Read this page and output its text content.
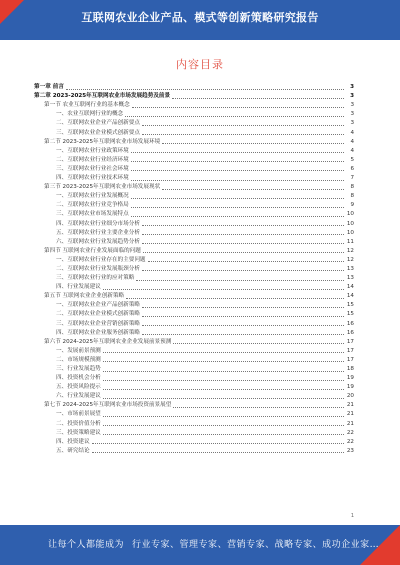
互联网农业企业产品、模式等创新策略研究报告
内容目录
第一章 前言	3
第二章 2023-2025年互联网农业市场发展趋势及前景	3
第一节 农业互联网行业的基本概念	3
一、农业互联网行业的概念	3
二、互联网农业企业产品创新要点	3
三、互联网农业企业模式创新要点	4
第二节 2023-2025年互联网农业市场发展环境	4
一、互联网农业行业政策环境	4
二、互联网农业行业经济环境	5
三、互联网农业行业社会环境	6
四、互联网农业行业技术环境	7
第三节 2023-2025年互联网农业市场发展现状	8
一、互联网农业行业发展概况	8
二、互联网农业行业竞争格局	9
三、互联网农业市场发展特点	10
四、互联网农业行业细分市场分析	10
五、互联网农业行业主要企业分析	10
六、互联网农业行业发展趋势分析	11
第四节 互联网农业行业发展面临的问题	12
一、互联网农业行业存在的主要问题	12
二、互联网农业行业发展瓶颈分析	13
三、互联网农业行业的应对策略	13
四、行业发展建议	14
第五节 互联网农业企业创新策略	14
一、互联网农业企业产品创新策略	15
二、互联网农业企业模式创新策略	15
三、互联网农业企业营销创新策略	16
四、互联网农业企业服务创新策略	16
第六节 2024-2025年互联网农业企业发展前景预测	17
一、发展前景预测	17
二、市场规模预测	17
三、行业发展趋势	18
四、投资机会分析	19
五、投资风险提示	19
六、行业发展建议	20
第七节 2024-2025年互联网农业市场投资前景展望	21
一、市场前景展望	21
二、投资价值分析	21
三、投资策略建议	22
四、投资建议	22
五、研究结论	23
1
让每个人都能成为 行业专家、管理专家、营销专家、战略专家、成功企业家……
